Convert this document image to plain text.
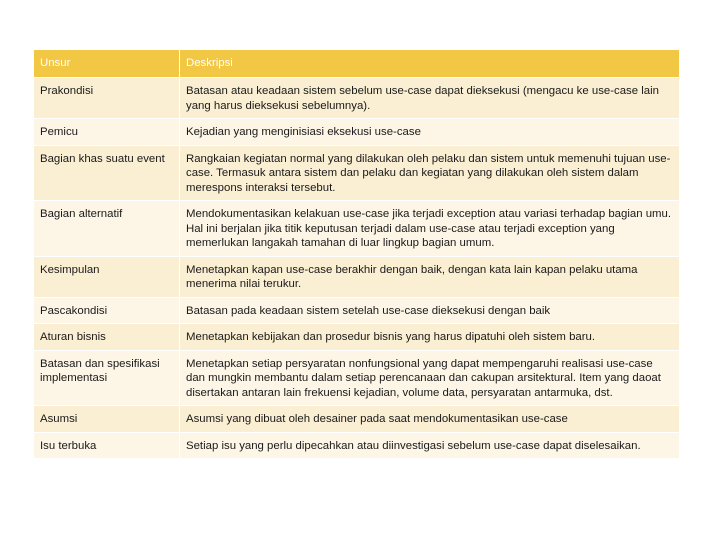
Unsur	Deskripsi
Prakondisi	Batasan atau keadaan sistem sebelum use-case dapat dieksekusi (mengacu ke use-case lain yang harus dieksekusi sebelumnya).
Pemicu	Kejadian yang menginisiasi eksekusi use-case
Bagian khas suatu event	Rangkaian kegiatan normal yang dilakukan oleh pelaku dan sistem untuk memenuhi tujuan use-case. Termasuk antara sistem dan pelaku dan kegiatan yang dilakukan oleh sistem dalam merespons interaksi tersebut.
Bagian alternatif	Mendokumentasikan kelakuan use-case jika terjadi exception atau variasi terhadap bagian umu. Hal ini berjalan jika titik keputusan terjadi dalam use-case atau terjadi exception yang memerlukan langakah tamahan di luar lingkup bagian umum.
Kesimpulan	Menetapkan kapan use-case berakhir dengan baik, dengan kata lain kapan pelaku utama menerima nilai terukur.
Pascakondisi	Batasan pada keadaan sistem setelah use-case dieksekusi dengan baik
Aturan bisnis	Menetapkan kebijakan dan prosedur bisnis yang harus dipatuhi oleh sistem baru.
Batasan dan spesifikasi implementasi	Menetapkan setiap persyaratan nonfungsional yang dapat mempengaruhi realisasi use-case dan mungkin membantu dalam setiap perencanaan dan cakupan arsitektural. Item yang daoat disertakan antaran lain frekuensi kejadian, volume data, persyaratan antarmuka, dst.
Asumsi	Asumsi yang dibuat oleh desainer pada saat mendokumentasikan use-case
Isu terbuka	Setiap isu yang perlu dipecahkan atau diinvestigasi sebelum use-case dapat diselesaikan.
